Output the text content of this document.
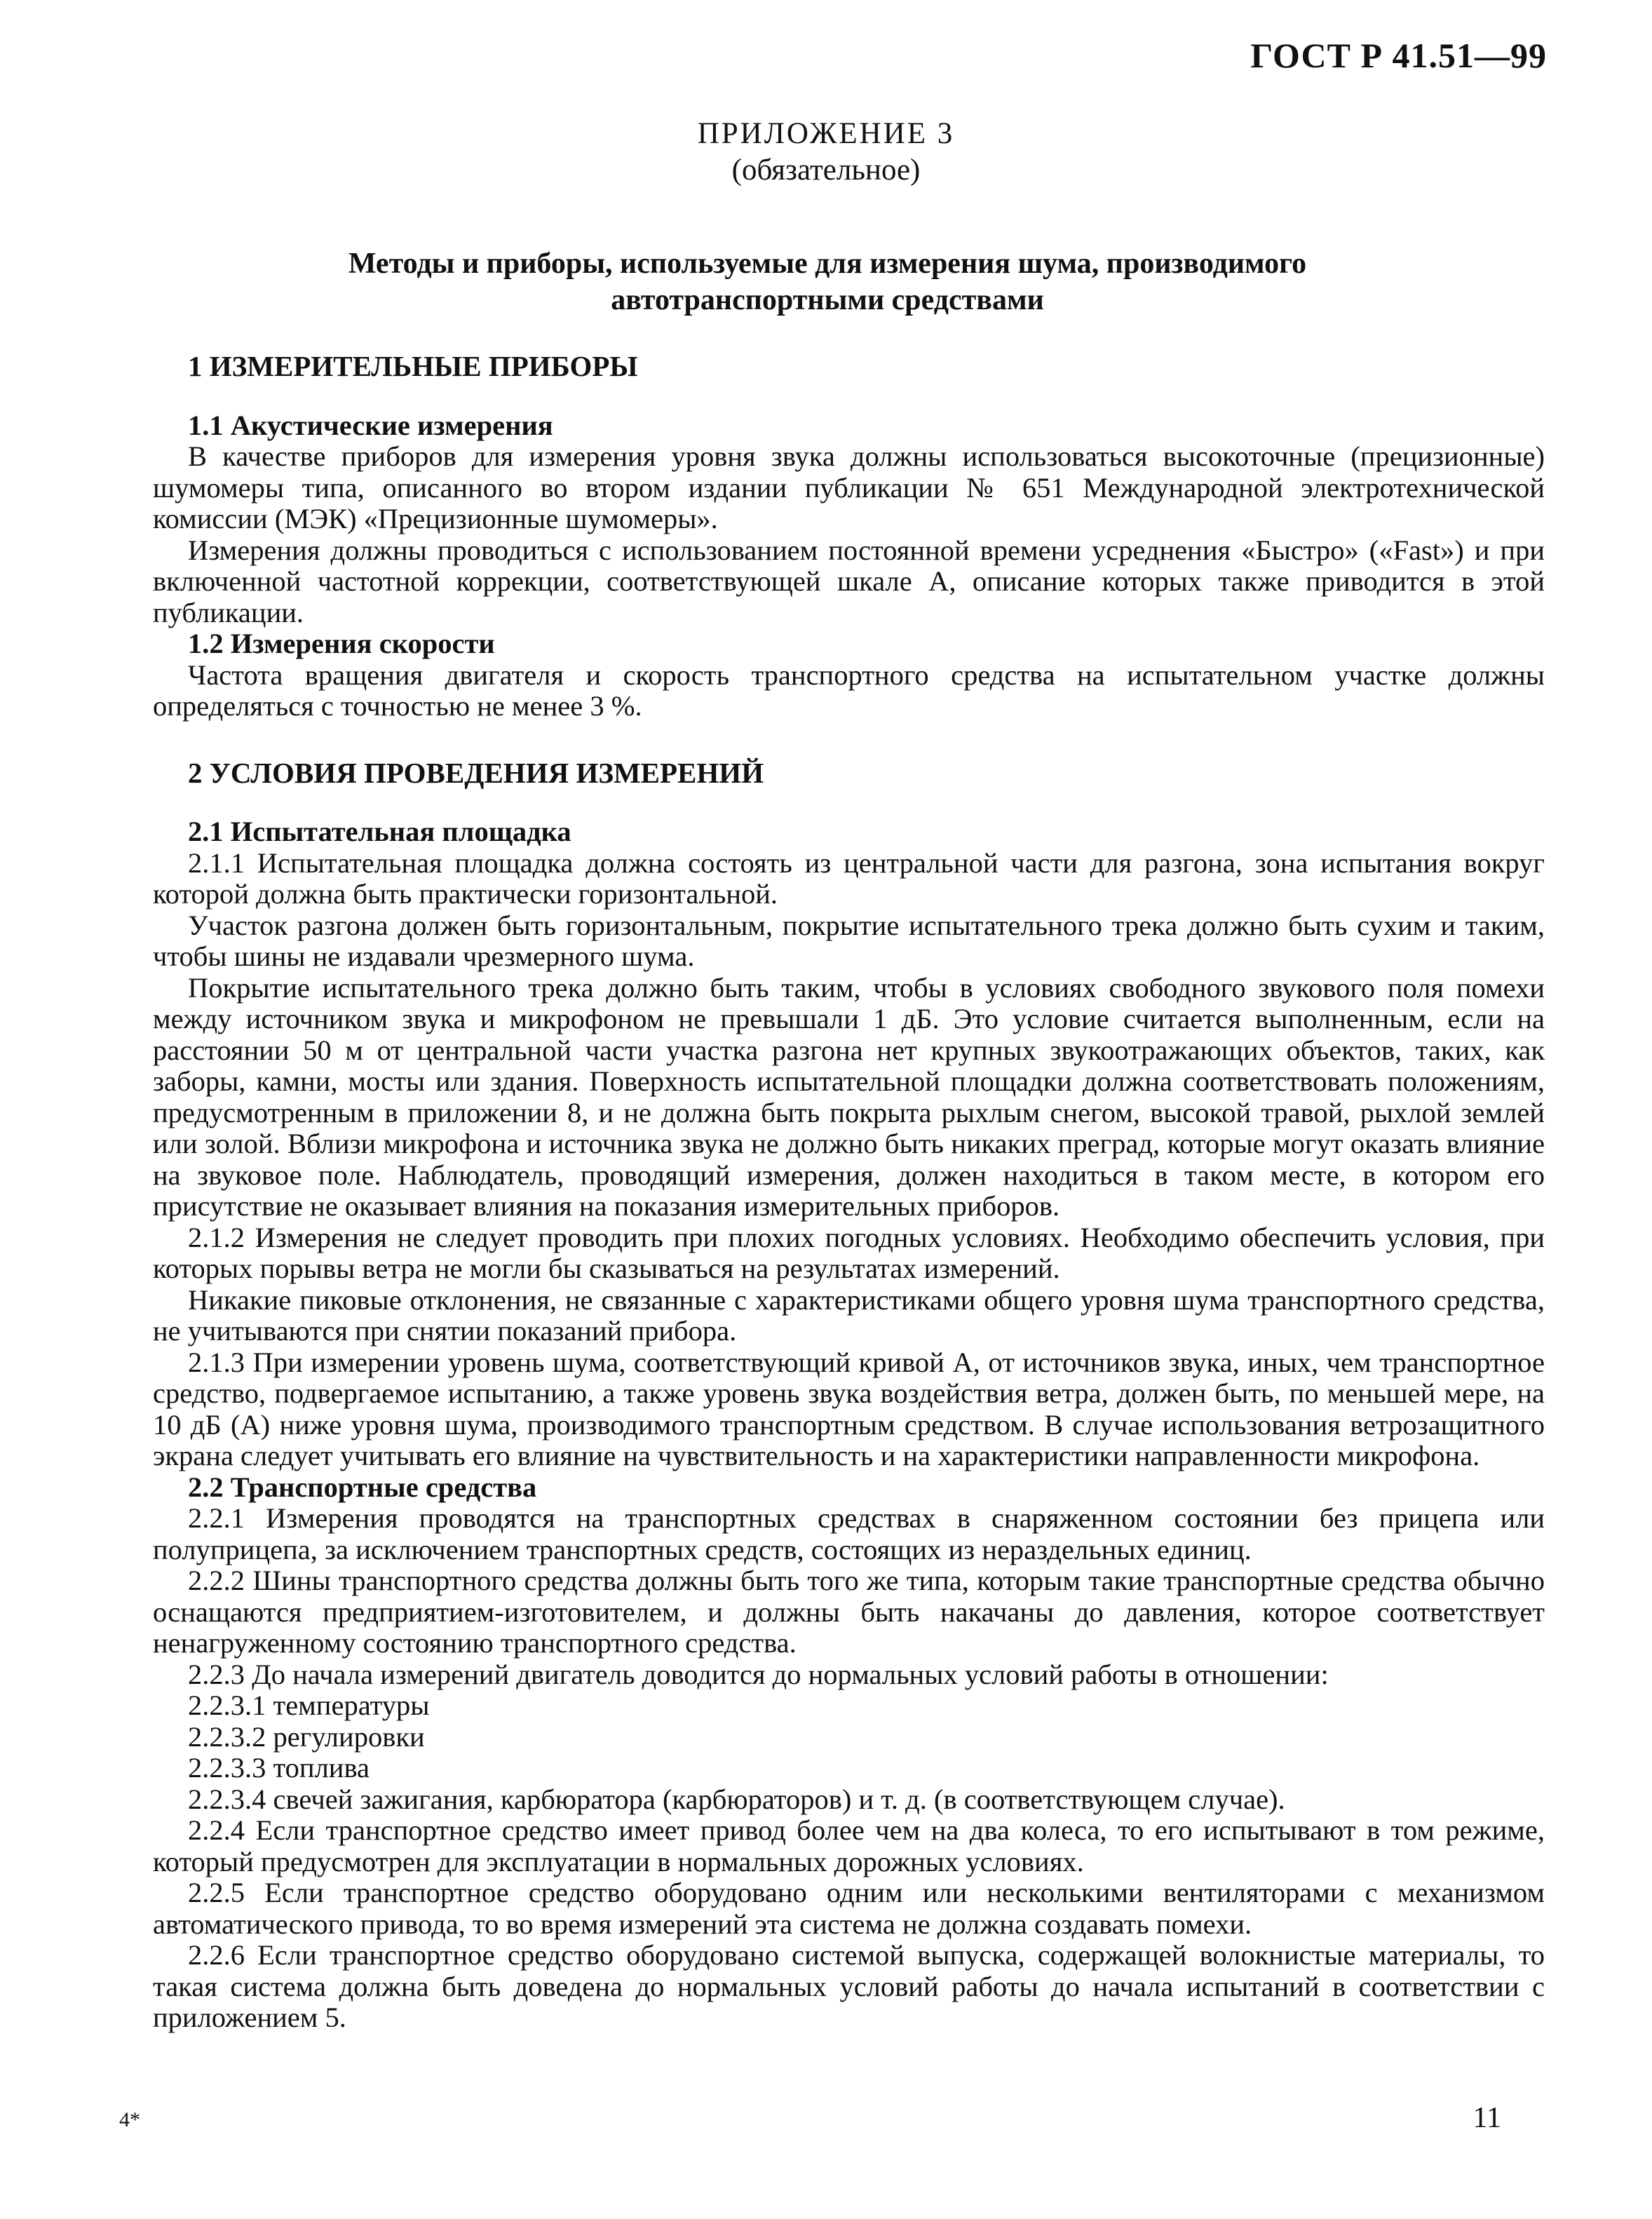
ГОСТ Р 41.51—99
ПРИЛОЖЕНИЕ 3
(обязательное)
Методы и приборы, используемые для измерения шума, производимого автотранспортными средствами
1 ИЗМЕРИТЕЛЬНЫЕ ПРИБОРЫ
1.1 Акустические измерения

В качестве приборов для измерения уровня звука должны использоваться высокоточные (прецизионные) шумомеры типа, описанного во втором издании публикации № 651 Международной электротехнической комиссии (МЭК) «Прецизионные шумомеры».

Измерения должны проводиться с использованием постоянной времени усреднения «Быстро» («Fast») и при включенной частотной коррекции, соответствующей шкале А, описание которых также приводится в этой публикации.

1.2 Измерения скорости

Частота вращения двигателя и скорость транспортного средства на испытательном участке должны определяться с точностью не менее 3 %.

2 УСЛОВИЯ ПРОВЕДЕНИЯ ИЗМЕРЕНИЙ
2.1 Испытательная площадка

2.1.1 Испытательная площадка должна состоять из центральной части для разгона, зона испытания вокруг которой должна быть практически горизонтальной.

Участок разгона должен быть горизонтальным, покрытие испытательного трека должно быть сухим и таким, чтобы шины не издавали чрезмерного шума.

Покрытие испытательного трека должно быть таким, чтобы в условиях свободного звукового поля помехи между источником звука и микрофоном не превышали 1 дБ. Это условие считается выполненным, если на расстоянии 50 м от центральной части участка разгона нет крупных звукоотражающих объектов, таких, как заборы, камни, мосты или здания. Поверхность испытательной площадки должна соответствовать положениям, предусмотренным в приложении 8, и не должна быть покрыта рыхлым снегом, высокой травой, рыхлой землей или золой. Вблизи микрофона и источника звука не должно быть никаких преград, которые могут оказать влияние на звуковое поле. Наблюдатель, проводящий измерения, должен находиться в таком месте, в котором его присутствие не оказывает влияния на показания измерительных приборов.

2.1.2 Измерения не следует проводить при плохих погодных условиях. Необходимо обеспечить условия, при которых порывы ветра не могли бы сказываться на результатах измерений.

Никакие пиковые отклонения, не связанные с характеристиками общего уровня шума транспортного средства, не учитываются при снятии показаний прибора.

2.1.3 При измерении уровень шума, соответствующий кривой А, от источников звука, иных, чем транспортное средство, подвергаемое испытанию, а также уровень звука воздействия ветра, должен быть, по меньшей мере, на 10 дБ (А) ниже уровня шума, производимого транспортным средством. В случае использования ветрозащитного экрана следует учитывать его влияние на чувствительность и на характеристики направленности микрофона.

2.2 Транспортные средства

2.2.1 Измерения проводятся на транспортных средствах в снаряженном состоянии без прицепа или полуприцепа, за исключением транспортных средств, состоящих из нераздельных единиц.

2.2.2 Шины транспортного средства должны быть того же типа, которым такие транспортные средства обычно оснащаются предприятием-изготовителем, и должны быть накачаны до давления, которое соответствует ненагруженному состоянию транспортного средства.

2.2.3 До начала измерений двигатель доводится до нормальных условий работы в отношении:

2.2.3.1 температуры

2.2.3.2 регулировки

2.2.3.3 топлива

2.2.3.4 свечей зажигания, карбюратора (карбюраторов) и т. д. (в соответствующем случае).

2.2.4 Если транспортное средство имеет привод более чем на два колеса, то его испытывают в том режиме, который предусмотрен для эксплуатации в нормальных дорожных условиях.

2.2.5 Если транспортное средство оборудовано одним или несколькими вентиляторами с механизмом автоматического привода, то во время измерений эта система не должна создавать помехи.

2.2.6 Если транспортное средство оборудовано системой выпуска, содержащей волокнистые материалы, то такая система должна быть доведена до нормальных условий работы до начала испытаний в соответствии с приложением 5.

4*	11
